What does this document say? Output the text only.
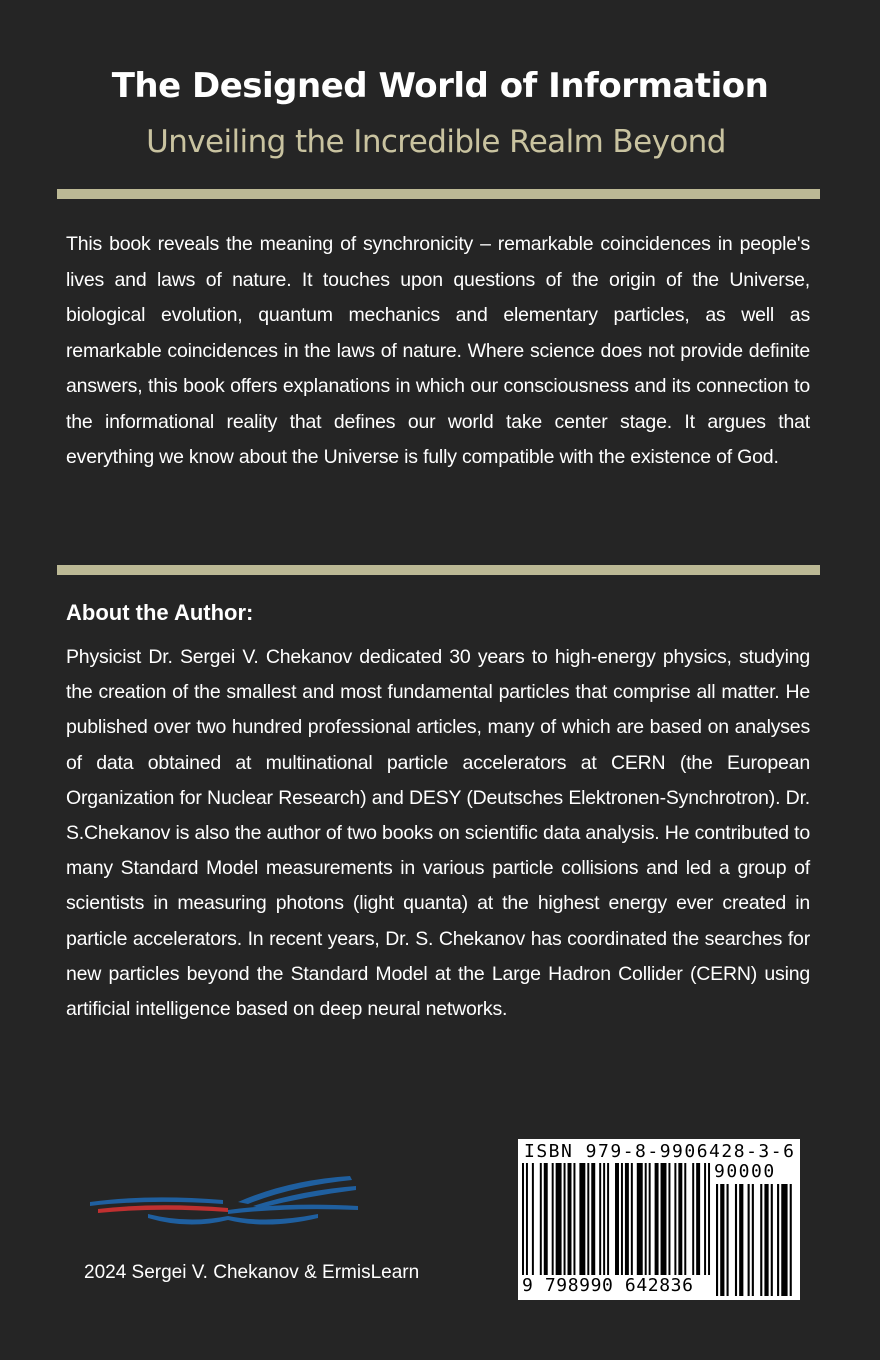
The Designed World of Information
Unveiling the Incredible Realm Beyond
This book reveals the meaning of synchronicity – remarkable coincidences in people's lives and laws of nature. It touches upon questions of the origin of the Universe, biological evolution, quantum mechanics and elementary particles, as well as remarkable coincidences in the laws of nature. Where science does not provide definite answers, this book offers explanations in which our consciousness and its connection to the informational reality that defines our world take center stage. It argues that everything we know about the Universe is fully compatible with the existence of God.
About the Author:
Physicist Dr. Sergei V. Chekanov dedicated 30 years to high-energy physics, studying the creation of the smallest and most fundamental particles that comprise all matter. He published over two hundred professional articles, many of which are based on analyses of data obtained at multinational particle accelerators at CERN (the European Organization for Nuclear Research) and DESY (Deutsches Elektronen-Synchrotron). Dr. S.Chekanov is also the author of two books on scientific data analysis. He contributed to many Standard Model measurements in various particle collisions and led a group of scientists in measuring photons (light quanta) at the highest energy ever created in particle accelerators. In recent years, Dr. S. Chekanov has coordinated the searches for new particles beyond the Standard Model at the Large Hadron Collider (CERN) using artificial intelligence based on deep neural networks.
2024 Sergei V. Chekanov & ErmisLearn
ISBN 979-8-9906428-3-6
90000
9 798990 642836
